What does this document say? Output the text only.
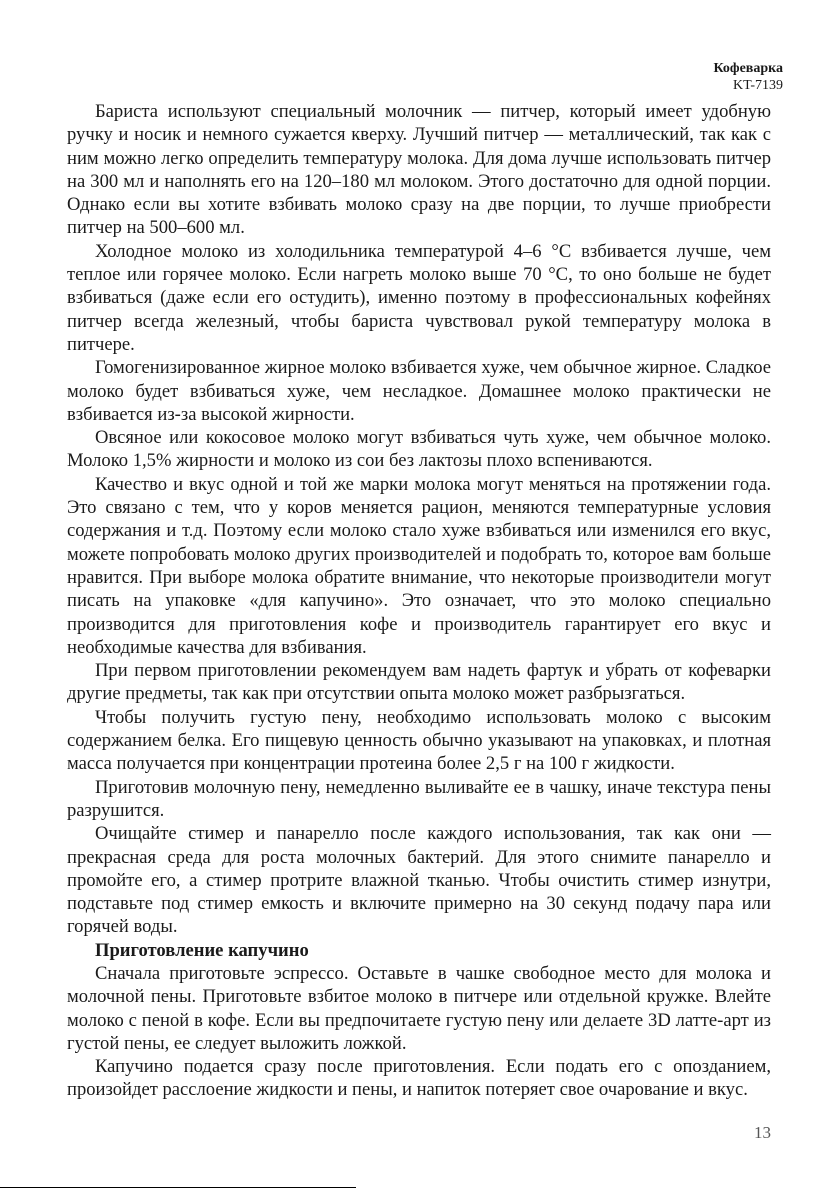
Кофеварка
KT-7139

Бариста используют специальный молочник — питчер, который имеет удобную ручку и носик и немного сужается кверху. Лучший питчер — металлический, так как с ним можно легко определить температуру молока. Для дома лучше использовать питчер на 300 мл и наполнять его на 120–180 мл молоком. Этого достаточно для одной порции. Однако если вы хотите взбивать молоко сразу на две порции, то лучше приобрести питчер на 500–600 мл.

Холодное молоко из холодильника температурой 4–6 °C взбивается лучше, чем теплое или горячее молоко. Если нагреть молоко выше 70 °C, то оно больше не будет взбиваться (даже если его остудить), именно поэтому в профессиональных кофейнях питчер всегда железный, чтобы бариста чувствовал рукой температуру молока в питчере.

Гомогенизированное жирное молоко взбивается хуже, чем обычное жирное. Сладкое молоко будет взбиваться хуже, чем несладкое. Домашнее молоко практически не взбивается из-за высокой жирности.

Овсяное или кокосовое молоко могут взбиваться чуть хуже, чем обычное молоко. Молоко 1,5% жирности и молоко из сои без лактозы плохо вспениваются.

Качество и вкус одной и той же марки молока могут меняться на протяжении года. Это связано с тем, что у коров меняется рацион, меняются температурные условия содержания и т.д. Поэтому если молоко стало хуже взбиваться или изменился его вкус, можете попробовать молоко других производителей и подобрать то, которое вам больше нравится. При выборе молока обратите внимание, что некоторые производители могут писать на упаковке «для капучино». Это означает, что это молоко специально производится для приготовления кофе и производитель гарантирует его вкус и необходимые качества для взбивания.

При первом приготовлении рекомендуем вам надеть фартук и убрать от кофеварки другие предметы, так как при отсутствии опыта молоко может разбрызгаться.

Чтобы получить густую пену, необходимо использовать молоко с высоким содержанием белка. Его пищевую ценность обычно указывают на упаковках, и плотная масса получается при концентрации протеина более 2,5 г на 100 г жидкости.

Приготовив молочную пену, немедленно выливайте ее в чашку, иначе текстура пены разрушится.

Очищайте стимер и панарелло после каждого использования, так как они — прекрасная среда для роста молочных бактерий. Для этого снимите панарелло и промойте его, а стимер протрите влажной тканью. Чтобы очистить стимер изнутри, подставьте под стимер емкость и включите примерно на 30 секунд подачу пара или горячей воды.

Приготовление капучино

Сначала приготовьте эспрессо. Оставьте в чашке свободное место для молока и молочной пены. Приготовьте взбитое молоко в питчере или отдельной кружке. Влейте молоко с пеной в кофе. Если вы предпочитаете густую пену или делаете 3D латте-арт из густой пены, ее следует выложить ложкой.

Капучино подается сразу после приготовления. Если подать его с опозданием, произойдет расслоение жидкости и пены, и напиток потеряет свое очарование и вкус.

13
